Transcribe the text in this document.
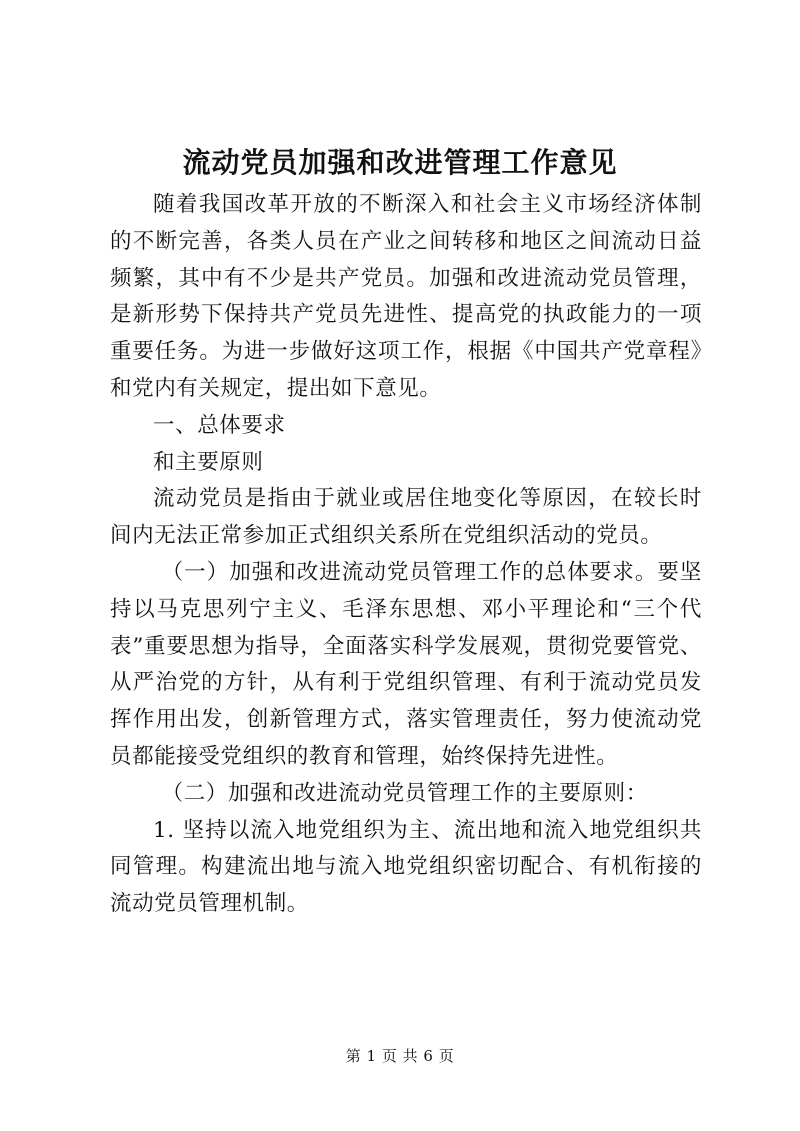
流动党员加强和改进管理工作意见

随着我国改革开放的不断深入和社会主义市场经济体制的不断完善，各类人员在产业之间转移和地区之间流动日益频繁，其中有不少是共产党员。加强和改进流动党员管理，是新形势下保持共产党员先进性、提高党的执政能力的一项重要任务。为进一步做好这项工作，根据《中国共产党章程》和党内有关规定，提出如下意见。

一、总体要求

和主要原则

流动党员是指由于就业或居住地变化等原因，在较长时间内无法正常参加正式组织关系所在党组织活动的党员。

（一）加强和改进流动党员管理工作的总体要求。要坚持以马克思列宁主义、毛泽东思想、邓小平理论和“三个代表”重要思想为指导，全面落实科学发展观，贯彻党要管党、从严治党的方针，从有利于党组织管理、有利于流动党员发挥作用出发，创新管理方式，落实管理责任，努力使流动党员都能接受党组织的教育和管理，始终保持先进性。

（二）加强和改进流动党员管理工作的主要原则：

1. 坚持以流入地党组织为主、流出地和流入地党组织共同管理。构建流出地与流入地党组织密切配合、有机衔接的流动党员管理机制。

第 1 页 共 6 页
